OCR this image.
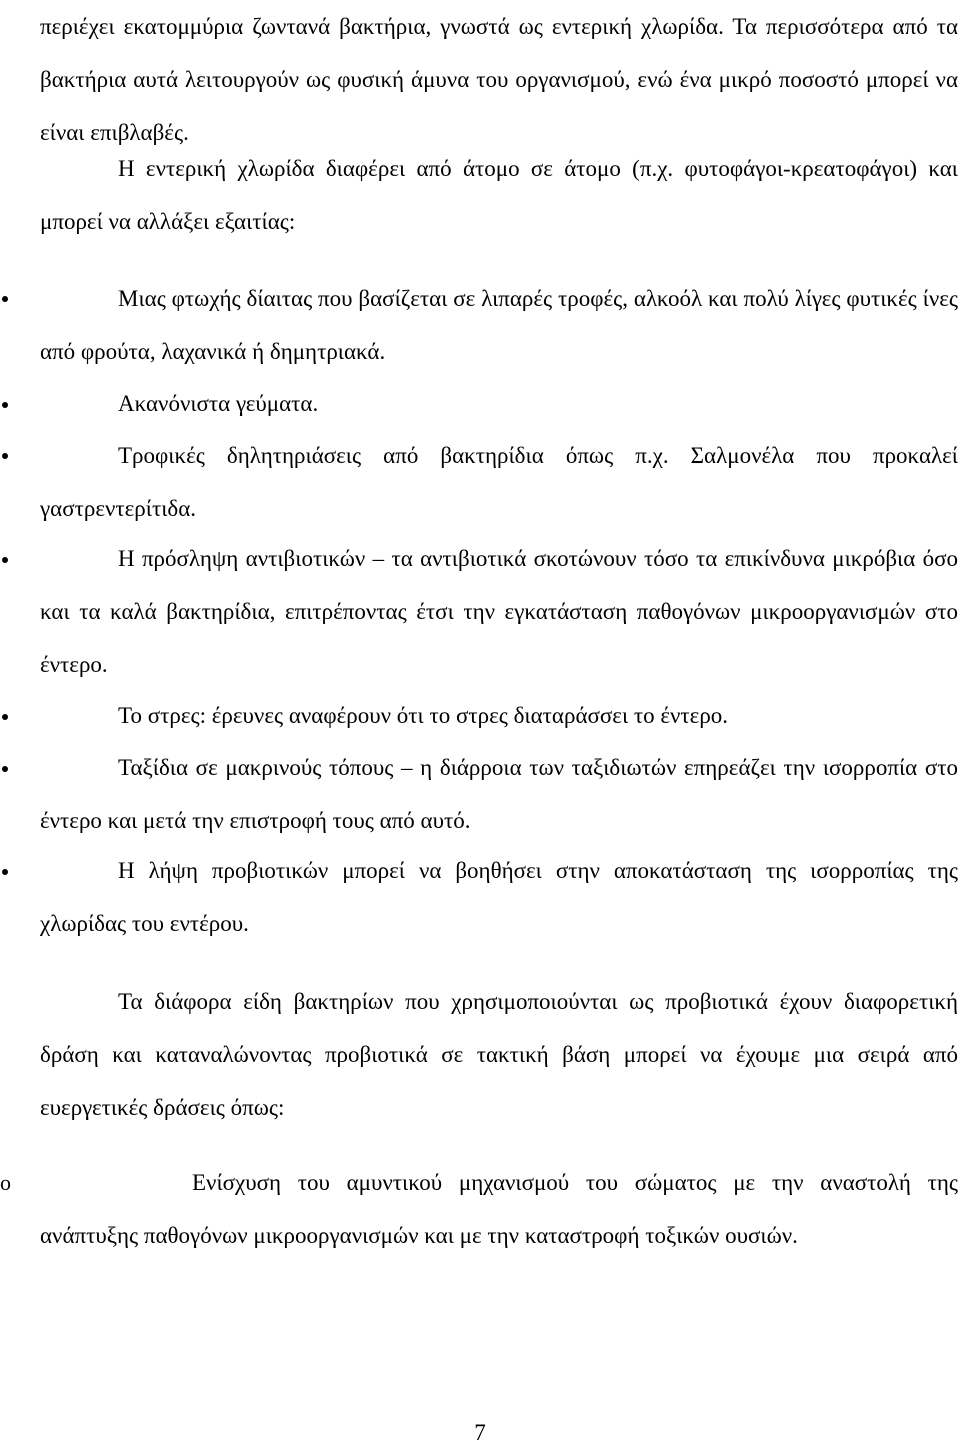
περιέχει εκατομμύρια ζωντανά βακτήρια, γνωστά ως εντερική χλωρίδα. Τα περισσότερα από τα βακτήρια αυτά λειτουργούν ως φυσική άμυνα του οργανισμού, ενώ ένα μικρό ποσοστό μπορεί να είναι επιβλαβές.

Η εντερική χλωρίδα διαφέρει από άτομο σε άτομο (π.χ. φυτοφάγοι-κρεατοφάγοι) και μπορεί να αλλάξει εξαιτίας:

Μιας φτωχής δίαιτας που βασίζεται σε λιπαρές τροφές, αλκοόλ και πολύ λίγες φυτικές ίνες από φρούτα, λαχανικά ή δημητριακά.

Ακανόνιστα γεύματα.

Τροφικές δηλητηριάσεις από βακτηρίδια όπως π.χ. Σαλμονέλα που προκαλεί γαστρεντερίτιδα.

Η πρόσληψη αντιβιοτικών – τα αντιβιοτικά σκοτώνουν τόσο τα επικίνδυνα μικρόβια όσο και τα καλά βακτηρίδια, επιτρέποντας έτσι την εγκατάσταση παθογόνων μικροοργανισμών στο έντερο.

Το στρες: έρευνες αναφέρουν ότι το στρες διαταράσσει το έντερο.

Ταξίδια σε μακρινούς τόπους – η διάρροια των ταξιδιωτών επηρεάζει την ισορροπία στο έντερο και μετά την επιστροφή τους από αυτό.

Η λήψη προβιοτικών μπορεί να βοηθήσει στην αποκατάσταση της ισορροπίας της χλωρίδας του εντέρου.

Τα διάφορα είδη βακτηρίων που χρησιμοποιούνται ως προβιοτικά έχουν διαφορετική δράση και καταναλώνοντας προβιοτικά σε τακτική βάση μπορεί να έχουμε μια σειρά από ευεργετικές δράσεις όπως:

o	Ενίσχυση του αμυντικού μηχανισμού του σώματος με την αναστολή της ανάπτυξης παθογόνων μικροοργανισμών και με την καταστροφή τοξικών ουσιών.

7
